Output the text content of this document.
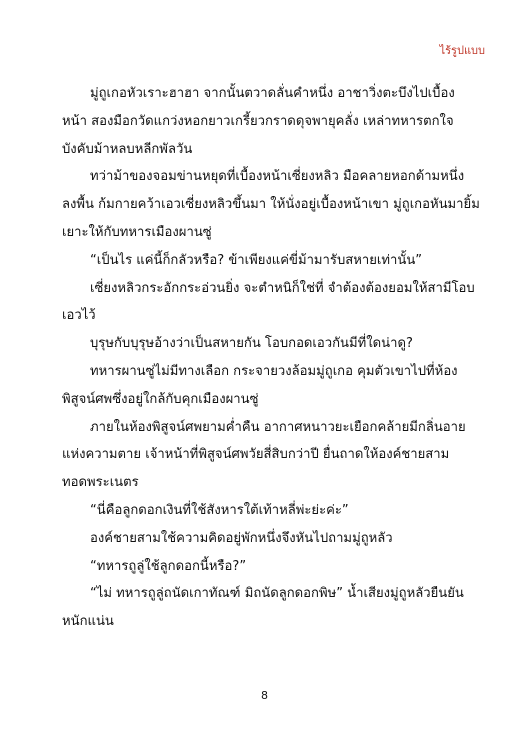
ไร้รูปแบบ

มู่ถูเกอหัวเราะฮาฮา จากนั้นตวาดลั่นคำหนึ่ง อาชาวิ่งตะบึงไปเบื้อง
หน้า สองมือกวัดแกว่งหอกยาวเกรี้ยวกราดดุจพายุคลั่ง เหล่าทหารตกใจ
บังคับม้าหลบหลีกพัลวัน

ทว่าม้าของจอมข่านหยุดที่เบื้องหน้าเซี่ยงหลิว มือคลายหอกด้ามหนึ่ง
ลงพื้น ก้มกายคว้าเอวเซี่ยงหลิวขึ้นมา ให้นั่งอยู่เบื้องหน้าเขา มู่ถูเกอหันมายิ้ม
เยาะให้กับทหารเมืองผานซู่

“เป็นไร แค่นี้ก็กลัวหรือ? ข้าเพียงแค่ขี่ม้ามารับสหายเท่านั้น”

เซี่ยงหลิวกระอักกระอ่วนยิ่ง จะตำหนิก็ใช่ที่ จำต้องต้องยอมให้สามีโอบ
เอวไว้

บุรุษกับบุรุษอ้างว่าเป็นสหายกัน โอบกอดเอวกันมีที่ใดน่าดู?

ทหารผานซู่ไม่มีทางเลือก กระจายวงล้อมมู่ถูเกอ คุมตัวเขาไปที่ห้อง
พิสูจน์ศพซึ่งอยู่ใกล้กับคุกเมืองผานซู่

ภายในห้องพิสูจน์ศพยามค่ำคืน อากาศหนาวยะเยือกคล้ายมีกลิ่นอาย
แห่งความตาย เจ้าหน้าที่พิสูจน์ศพวัยสี่สิบกว่าปี ยื่นถาดให้องค์ชายสาม
ทอดพระเนตร

“นี่คือลูกดอกเงินที่ใช้สังหารใต้เท้าหลี่พ่ะย่ะค่ะ”

องค์ชายสามใช้ความคิดอยู่พักหนึ่งจึงหันไปถามมู่ถูหลัว

“ทหารถูลู่ใช้ลูกดอกนี้หรือ?”

“ไม่ ทหารถูลู่ถนัดเกาทัณฑ์ มิถนัดลูกดอกพิษ” น้ำเสียงมู่ถูหลัวยืนยัน
หนักแน่น

8
